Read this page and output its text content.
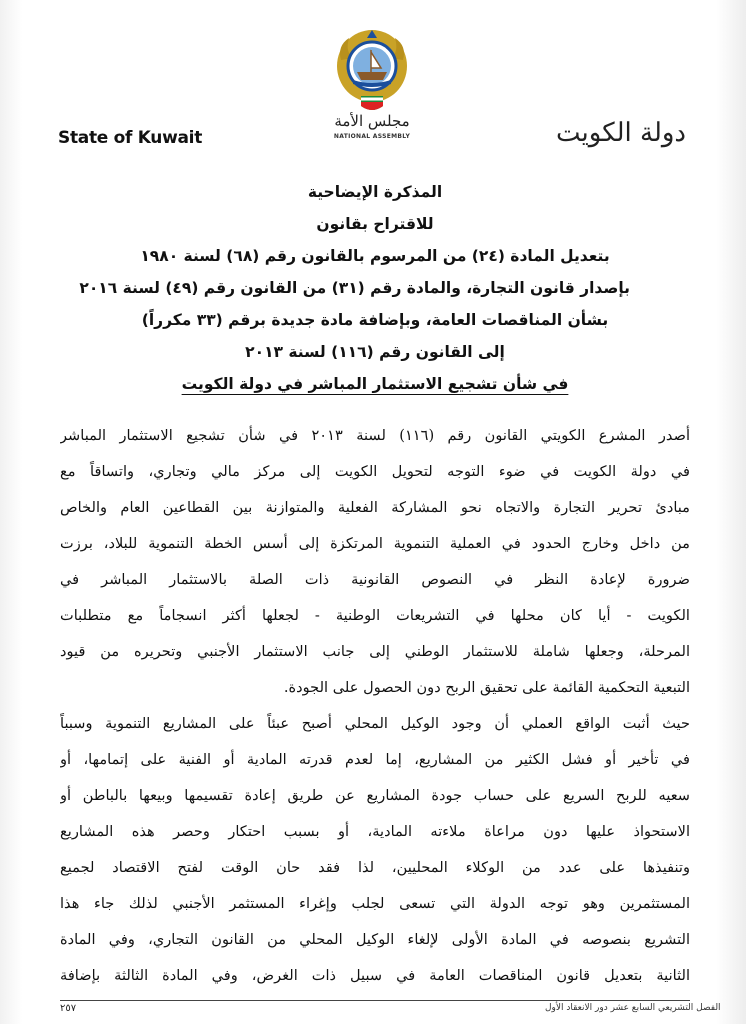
مجلس الأمة
NATIONAL ASSEMBLY
State of Kuwait	دولة الكويت
المذكرة الإيضاحية
للاقتراح بقانون
بتعديل المادة (٢٤) من المرسوم بالقانون رقم (٦٨) لسنة ١٩٨٠
بإصدار قانون التجارة، والمادة رقم (٣١) من القانون رقم (٤٩) لسنة ٢٠١٦
بشأن المناقصات العامة، وبإضافة مادة جديدة برقم (٣٣ مكرراً)
إلى القانون رقم (١١٦) لسنة ٢٠١٣
في شأن تشجيع الاستثمار المباشر في دولة الكويت
أصدر المشرع الكويتي القانون رقم (١١٦) لسنة ٢٠١٣ في شأن تشجيع الاستثمار المباشر
في دولة الكويت في ضوء التوجه لتحويل الكويت إلى مركز مالي وتجاري، واتساقاً مع
مبادئ تحرير التجارة والاتجاه نحو المشاركة الفعلية والمتوازنة بين القطاعين العام والخاص
من داخل وخارج الحدود في العملية التنموية المرتكزة إلى أسس الخطة التنموية للبلاد، برزت
ضرورة لإعادة النظر في النصوص القانونية ذات الصلة بالاستثمار المباشر في
الكويت - أيا كان محلها في التشريعات الوطنية - لجعلها أكثر انسجاماً مع متطلبات
المرحلة، وجعلها شاملة للاستثمار الوطني إلى جانب الاستثمار الأجنبي وتحريره من قيود
التبعية التحكمية القائمة على تحقيق الربح دون الحصول على الجودة.
حيث أثبت الواقع العملي أن وجود الوكيل المحلي أصبح عبئاً على المشاريع التنموية وسبباً
في تأخير أو فشل الكثير من المشاريع، إما لعدم قدرته المادية أو الفنية على إتمامها، أو
سعيه للربح السريع على حساب جودة المشاريع عن طريق إعادة تقسيمها وبيعها بالباطن أو
الاستحواذ عليها دون مراعاة ملاءته المادية، أو بسبب احتكار وحصر هذه المشاريع
وتنفيذها على عدد من الوكلاء المحليين، لذا فقد حان الوقت لفتح الاقتصاد لجميع
المستثمرين وهو توجه الدولة التي تسعى لجلب وإغراء المستثمر الأجنبي لذلك جاء هذا
التشريع بنصوصه في المادة الأولى لإلغاء الوكيل المحلي من القانون التجاري، وفي المادة
الثانية بتعديل قانون المناقصات العامة في سبيل ذات الغرض، وفي المادة الثالثة بإضافة
الفصل التشريعي السابع عشر دور الانعقاد الأول
٢٥٧
